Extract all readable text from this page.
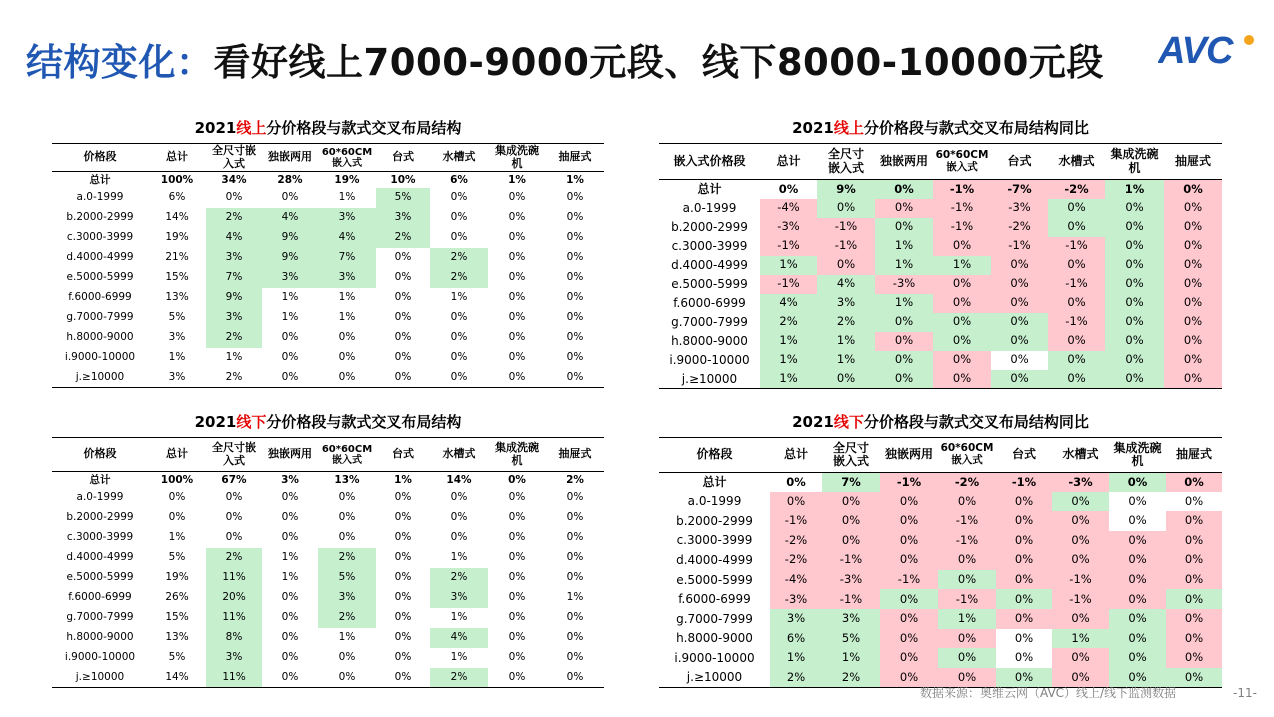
结构变化：看好线上7000-9000元段、线下8000-10000元段 AVC
2021线上分价格段与款式交叉布局结构
价格段	总计	全尺寸嵌入式	独嵌两用	60*60CM嵌入式	台式	水槽式	集成洗碗机	抽屉式
总计	100%	34%	28%	19%	10%	6%	1%	1%
a.0-1999	6%	0%	0%	1%	5%	0%	0%	0%
b.2000-2999	14%	2%	4%	3%	3%	0%	0%	0%
c.3000-3999	19%	4%	9%	4%	2%	0%	0%	0%
d.4000-4999	21%	3%	9%	7%	0%	2%	0%	0%
e.5000-5999	15%	7%	3%	3%	0%	2%	0%	0%
f.6000-6999	13%	9%	1%	1%	0%	1%	0%	0%
g.7000-7999	5%	3%	1%	1%	0%	0%	0%	0%
h.8000-9000	3%	2%	0%	0%	0%	0%	0%	0%
i.9000-10000	1%	1%	0%	0%	0%	0%	0%	0%
j.≥10000	3%	2%	0%	0%	0%	0%	0%	0%
2021线上分价格段与款式交叉布局结构同比
嵌入式价格段	总计	全尺寸嵌入式	独嵌两用	60*60CM嵌入式	台式	水槽式	集成洗碗机	抽屉式
总计	0%	9%	0%	-1%	-7%	-2%	1%	0%
a.0-1999	-4%	0%	0%	-1%	-3%	0%	0%	0%
b.2000-2999	-3%	-1%	0%	-1%	-2%	0%	0%	0%
c.3000-3999	-1%	-1%	1%	0%	-1%	-1%	0%	0%
d.4000-4999	1%	0%	1%	1%	0%	0%	0%	0%
e.5000-5999	-1%	4%	-3%	0%	0%	-1%	0%	0%
f.6000-6999	4%	3%	1%	0%	0%	0%	0%	0%
g.7000-7999	2%	2%	0%	0%	0%	-1%	0%	0%
h.8000-9000	1%	1%	0%	0%	0%	0%	0%	0%
i.9000-10000	1%	1%	0%	0%	0%	0%	0%	0%
j.≥10000	1%	0%	0%	0%	0%	0%	0%	0%
2021线下分价格段与款式交叉布局结构
价格段	总计	全尺寸嵌入式	独嵌两用	60*60CM嵌入式	台式	水槽式	集成洗碗机	抽屉式
总计	100%	67%	3%	13%	1%	14%	0%	2%
a.0-1999	0%	0%	0%	0%	0%	0%	0%	0%
b.2000-2999	0%	0%	0%	0%	0%	0%	0%	0%
c.3000-3999	1%	0%	0%	0%	0%	0%	0%	0%
d.4000-4999	5%	2%	1%	2%	0%	1%	0%	0%
e.5000-5999	19%	11%	1%	5%	0%	2%	0%	0%
f.6000-6999	26%	20%	0%	3%	0%	3%	0%	1%
g.7000-7999	15%	11%	0%	2%	0%	1%	0%	0%
h.8000-9000	13%	8%	0%	1%	0%	4%	0%	0%
i.9000-10000	5%	3%	0%	0%	0%	1%	0%	0%
j.≥10000	14%	11%	0%	0%	0%	2%	0%	0%
2021线下分价格段与款式交叉布局结构同比
价格段	总计	全尺寸嵌入式	独嵌两用	60*60CM嵌入式	台式	水槽式	集成洗碗机	抽屉式
总计	0%	7%	-1%	-2%	-1%	-3%	0%	0%
a.0-1999	0%	0%	0%	0%	0%	0%	0%	0%
b.2000-2999	-1%	0%	0%	-1%	0%	0%	0%	0%
c.3000-3999	-2%	0%	0%	-1%	0%	0%	0%	0%
d.4000-4999	-2%	-1%	0%	0%	0%	0%	0%	0%
e.5000-5999	-4%	-3%	-1%	0%	0%	-1%	0%	0%
f.6000-6999	-3%	-1%	0%	-1%	0%	-1%	0%	0%
g.7000-7999	3%	3%	0%	1%	0%	0%	0%	0%
h.8000-9000	6%	5%	0%	0%	0%	1%	0%	0%
i.9000-10000	1%	1%	0%	0%	0%	0%	0%	0%
j.≥10000	2%	2%	0%	0%	0%	0%	0%	0%
数据来源：奥维云网（AVC）线上/线下监测数据	-11-
